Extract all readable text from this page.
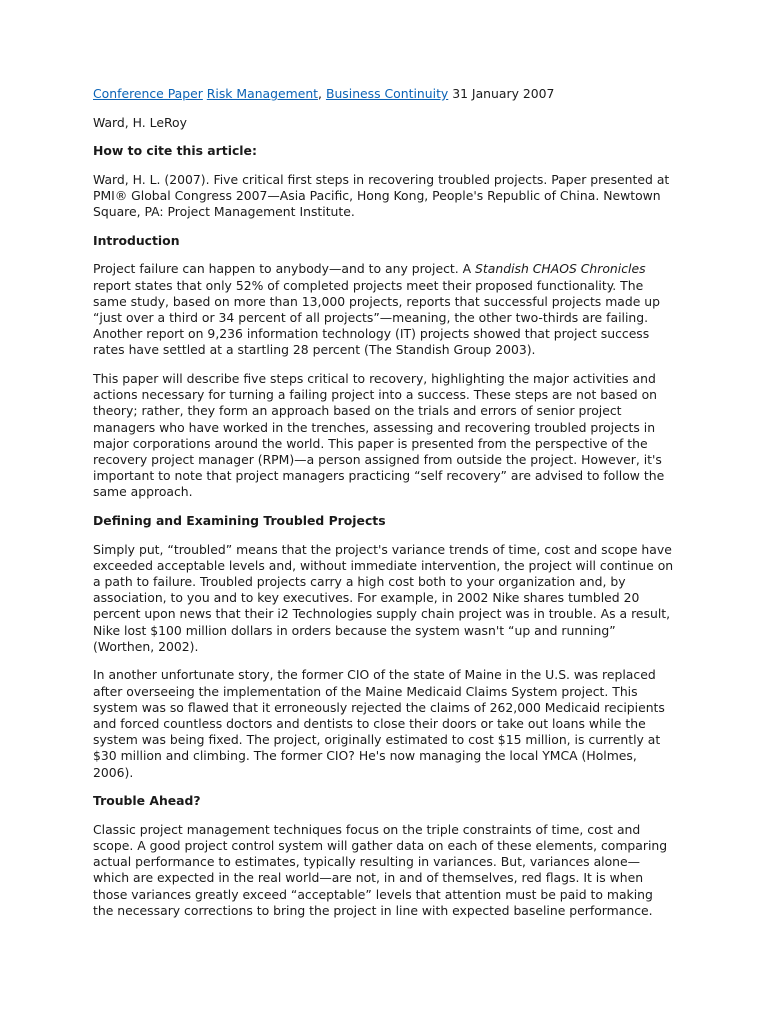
Conference Paper Risk Management, Business Continuity 31 January 2007

Ward, H. LeRoy

How to cite this article:

Ward, H. L. (2007). Five critical first steps in recovering troubled projects. Paper presented at PMI® Global Congress 2007—Asia Pacific, Hong Kong, People's Republic of China. Newtown Square, PA: Project Management Institute.

Introduction

Project failure can happen to anybody—and to any project. A Standish CHAOS Chronicles report states that only 52% of completed projects meet their proposed functionality. The same study, based on more than 13,000 projects, reports that successful projects made up “just over a third or 34 percent of all projects”—meaning, the other two-thirds are failing. Another report on 9,236 information technology (IT) projects showed that project success rates have settled at a startling 28 percent (The Standish Group 2003).

This paper will describe five steps critical to recovery, highlighting the major activities and actions necessary for turning a failing project into a success. These steps are not based on theory; rather, they form an approach based on the trials and errors of senior project managers who have worked in the trenches, assessing and recovering troubled projects in major corporations around the world. This paper is presented from the perspective of the recovery project manager (RPM)—a person assigned from outside the project. However, it's important to note that project managers practicing “self recovery” are advised to follow the same approach.

Defining and Examining Troubled Projects

Simply put, “troubled” means that the project's variance trends of time, cost and scope have exceeded acceptable levels and, without immediate intervention, the project will continue on a path to failure. Troubled projects carry a high cost both to your organization and, by association, to you and to key executives. For example, in 2002 Nike shares tumbled 20 percent upon news that their i2 Technologies supply chain project was in trouble. As a result, Nike lost $100 million dollars in orders because the system wasn't “up and running” (Worthen, 2002).

In another unfortunate story, the former CIO of the state of Maine in the U.S. was replaced after overseeing the implementation of the Maine Medicaid Claims System project. This system was so flawed that it erroneously rejected the claims of 262,000 Medicaid recipients and forced countless doctors and dentists to close their doors or take out loans while the system was being fixed. The project, originally estimated to cost $15 million, is currently at $30 million and climbing. The former CIO? He's now managing the local YMCA (Holmes, 2006).

Trouble Ahead?

Classic project management techniques focus on the triple constraints of time, cost and scope. A good project control system will gather data on each of these elements, comparing actual performance to estimates, typically resulting in variances. But, variances alone—which are expected in the real world—are not, in and of themselves, red flags. It is when those variances greatly exceed “acceptable” levels that attention must be paid to making the necessary corrections to bring the project in line with expected baseline performance.
